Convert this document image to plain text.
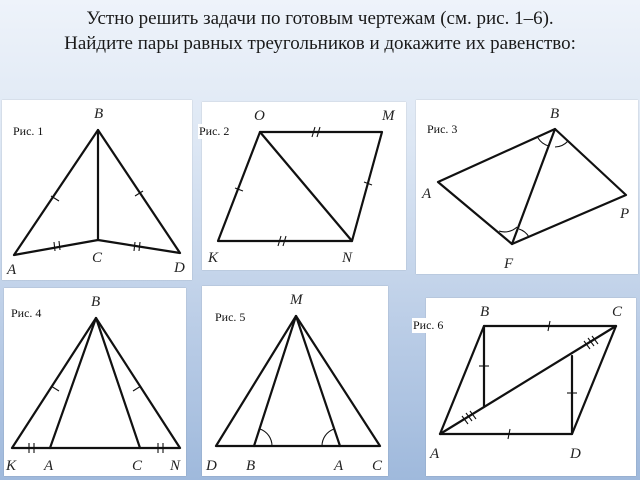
Устно решить задачи по готовым чертежам (см. рис. 1–6).
Найдите пары равных треугольников и докажите их равенство:
Рис. 1
B
A
C
D
Рис. 2
O	M
K	N
Рис. 3
B
A
P
F
Рис. 4
B
K A	C N
Рис. 5
M
D B	A C
Рис. 6
B	C
A	D
